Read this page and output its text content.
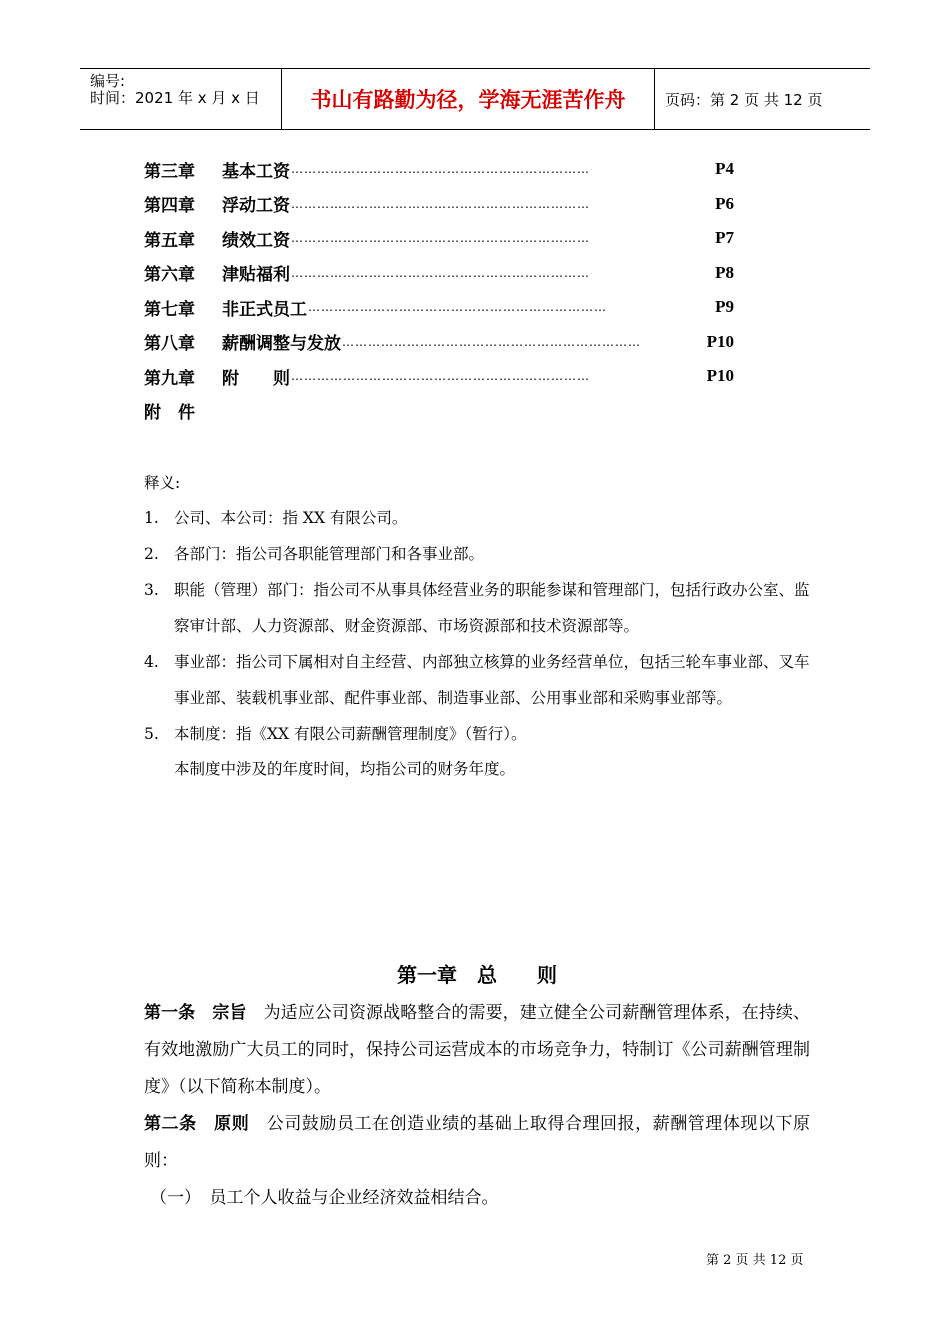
编号:
时间：2021 年 x 月 x 日	书山有路勤为径，学海无涯苦作舟	页码：第 2 页 共 12 页
第三章	基本工资 ……………………………………………………………	P4
第四章	浮动工资 ……………………………………………………………	P6
第五章	绩效工资 ……………………………………………………………	P7
第六章	津贴福利 ……………………………………………………………	P8
第七章	非正式员工 ……………………………………………………………	P9
第八章	薪酬调整与发放 ……………………………………………………………	P10
第九章	附　　则 ……………………………………………………………	P10
附　件
释义:
1. 公司、本公司：指 XX 有限公司。
2. 各部门：指公司各职能管理部门和各事业部。
3. 职能（管理）部门：指公司不从事具体经营业务的职能参谋和管理部门，包括行政办公室、监察审计部、人力资源部、财金资源部、市场资源部和技术资源部等。
4. 事业部：指公司下属相对自主经营、内部独立核算的业务经营单位，包括三轮车事业部、叉车事业部、装载机事业部、配件事业部、制造事业部、公用事业部和采购事业部等。
5. 本制度：指《XX 有限公司薪酬管理制度》（暂行）。
本制度中涉及的年度时间，均指公司的财务年度。
第一章　总　　则

第一条　宗旨　为适应公司资源战略整合的需要，建立健全公司薪酬管理体系，在持续、有效地激励广大员工的同时，保持公司运营成本的市场竞争力，特制订《公司薪酬管理制度》（以下简称本制度）。

第二条　原则　公司鼓励员工在创造业绩的基础上取得合理回报，薪酬管理体现以下原则：

（一）　员工个人收益与企业经济效益相结合。

第 2 页 共 12 页
